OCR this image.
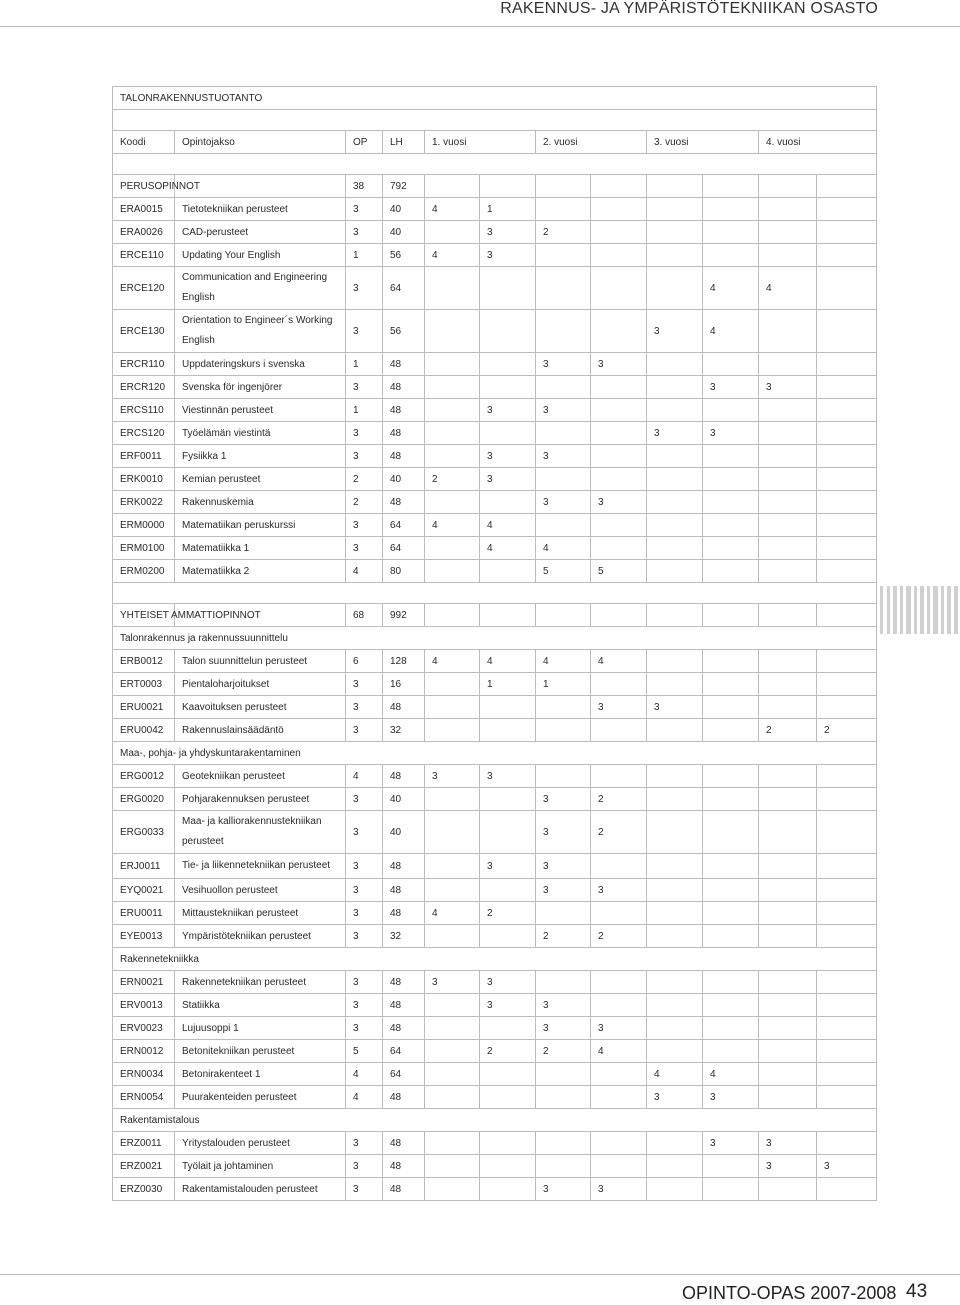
RAKENNUS- JA YMPÄRISTÖTEKNIIKAN OSASTO
TALONRAKENNUSTUOTANTO											

Koodi	Opintojakso	OP	LH	1. vuosi		2. vuosi		3. vuosi		4. vuosi	

PERUSOPINNOT		38	792								
ERA0015	Tietotekniikan perusteet	3	40	4	1						
ERA0026	CAD-perusteet	3	40		3	2					
ERCE110	Updating Your English	1	56	4	3						
ERCE120	Communication and Engineering English	3	64						4	4	
ERCE130	Orientation to Engineer´s Working English	3	56					3	4		
ERCR110	Uppdateringskurs i svenska	1	48			3	3				
ERCR120	Svenska för ingenjörer	3	48						3	3	
ERCS110	Viestinnän perusteet	1	48		3	3					
ERCS120	Työelämän viestintä	3	48					3	3		
ERF0011	Fysiikka 1	3	48		3	3					
ERK0010	Kemian perusteet	2	40	2	3						
ERK0022	Rakennuskemia	2	48			3	3				
ERM0000	Matematiikan peruskurssi	3	64	4	4						
ERM0100	Matematiikka 1	3	64		4	4					
ERM0200	Matematiikka 2	4	80			5	5				

YHTEISET AMMATTIOPINNOT		68	992								
Talonrakennus ja rakennussuunnittelu											
ERB0012	Talon suunnittelun perusteet	6	128	4	4	4	4				
ERT0003	Pientaloharjoitukset	3	16		1	1					
ERU0021	Kaavoituksen perusteet	3	48				3	3			
ERU0042	Rakennuslainsäädäntö	3	32							2	2
Maa-, pohja- ja yhdyskuntarakentaminen											
ERG0012	Geotekniikan perusteet	4	48	3	3						
ERG0020	Pohjarakennuksen perusteet	3	40			3	2				
ERG0033	Maa- ja kalliorakennustekniikan perusteet	3	40			3	2				
ERJ0011	Tie- ja liikennetekniikan perusteet	3	48		3	3					
EYQ0021	Vesihuollon perusteet	3	48			3	3				
ERU0011	Mittaustekniikan perusteet	3	48	4	2						
EYE0013	Ympäristötekniikan perusteet	3	32			2	2				
Rakennetekniikka											
ERN0021	Rakennetekniikan perusteet	3	48	3	3						
ERV0013	Statiikka	3	48		3	3					
ERV0023	Lujuusoppi 1	3	48			3	3				
ERN0012	Betonitekniikan perusteet	5	64		2	2	4				
ERN0034	Betonirakenteet 1	4	64					4	4		
ERN0054	Puurakenteiden perusteet	4	48					3	3		
Rakentamistalous											
ERZ0011	Yritystalouden perusteet	3	48						3	3	
ERZ0021	Työlait ja johtaminen	3	48							3	3
ERZ0030	Rakentamistalouden perusteet	3	48			3	3				
OPINTO-OPAS 2007-2008 43
